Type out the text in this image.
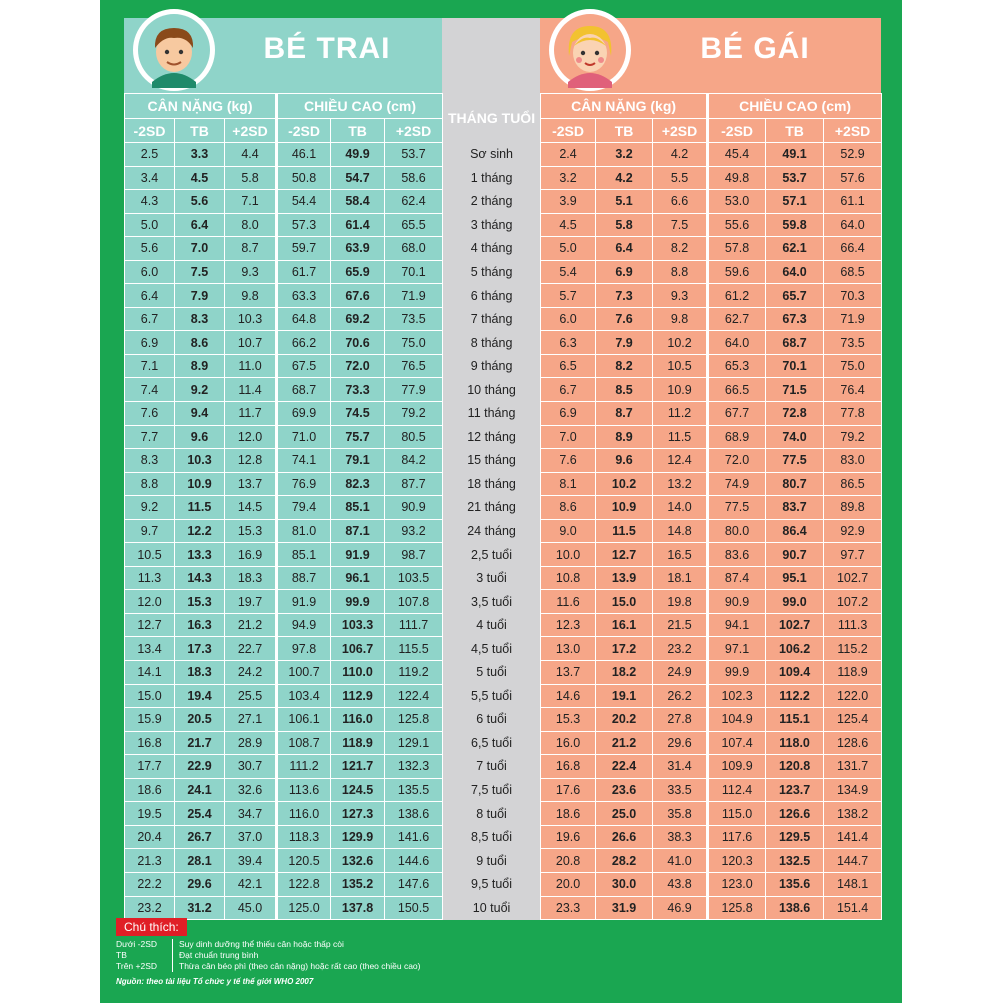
BÉ TRAI	BÉ GÁI
CÂN NẶNG (kg)			CHIỀU CAO (cm)			THÁNG TUỔI	CÂN NẶNG (kg)			CHIỀU CAO (cm)		
-2SD	TB	+2SD	-2SD	TB	+2SD		-2SD	TB	+2SD	-2SD	TB	+2SD
2.5	3.3	4.4	46.1	49.9	53.7	Sơ sinh	2.4	3.2	4.2	45.4	49.1	52.9
3.4	4.5	5.8	50.8	54.7	58.6	1 tháng	3.2	4.2	5.5	49.8	53.7	57.6
4.3	5.6	7.1	54.4	58.4	62.4	2 tháng	3.9	5.1	6.6	53.0	57.1	61.1
5.0	6.4	8.0	57.3	61.4	65.5	3 tháng	4.5	5.8	7.5	55.6	59.8	64.0
5.6	7.0	8.7	59.7	63.9	68.0	4 tháng	5.0	6.4	8.2	57.8	62.1	66.4
6.0	7.5	9.3	61.7	65.9	70.1	5 tháng	5.4	6.9	8.8	59.6	64.0	68.5
6.4	7.9	9.8	63.3	67.6	71.9	6 tháng	5.7	7.3	9.3	61.2	65.7	70.3
6.7	8.3	10.3	64.8	69.2	73.5	7 tháng	6.0	7.6	9.8	62.7	67.3	71.9
6.9	8.6	10.7	66.2	70.6	75.0	8 tháng	6.3	7.9	10.2	64.0	68.7	73.5
7.1	8.9	11.0	67.5	72.0	76.5	9 tháng	6.5	8.2	10.5	65.3	70.1	75.0
7.4	9.2	11.4	68.7	73.3	77.9	10 tháng	6.7	8.5	10.9	66.5	71.5	76.4
7.6	9.4	11.7	69.9	74.5	79.2	11 tháng	6.9	8.7	11.2	67.7	72.8	77.8
7.7	9.6	12.0	71.0	75.7	80.5	12 tháng	7.0	8.9	11.5	68.9	74.0	79.2
8.3	10.3	12.8	74.1	79.1	84.2	15 tháng	7.6	9.6	12.4	72.0	77.5	83.0
8.8	10.9	13.7	76.9	82.3	87.7	18 tháng	8.1	10.2	13.2	74.9	80.7	86.5
9.2	11.5	14.5	79.4	85.1	90.9	21 tháng	8.6	10.9	14.0	77.5	83.7	89.8
9.7	12.2	15.3	81.0	87.1	93.2	24 tháng	9.0	11.5	14.8	80.0	86.4	92.9
10.5	13.3	16.9	85.1	91.9	98.7	2,5 tuổi	10.0	12.7	16.5	83.6	90.7	97.7
11.3	14.3	18.3	88.7	96.1	103.5	3 tuổi	10.8	13.9	18.1	87.4	95.1	102.7
12.0	15.3	19.7	91.9	99.9	107.8	3,5 tuổi	11.6	15.0	19.8	90.9	99.0	107.2
12.7	16.3	21.2	94.9	103.3	111.7	4 tuổi	12.3	16.1	21.5	94.1	102.7	111.3
13.4	17.3	22.7	97.8	106.7	115.5	4,5 tuổi	13.0	17.2	23.2	97.1	106.2	115.2
14.1	18.3	24.2	100.7	110.0	119.2	5 tuổi	13.7	18.2	24.9	99.9	109.4	118.9
15.0	19.4	25.5	103.4	112.9	122.4	5,5 tuổi	14.6	19.1	26.2	102.3	112.2	122.0
15.9	20.5	27.1	106.1	116.0	125.8	6 tuổi	15.3	20.2	27.8	104.9	115.1	125.4
16.8	21.7	28.9	108.7	118.9	129.1	6,5 tuổi	16.0	21.2	29.6	107.4	118.0	128.6
17.7	22.9	30.7	111.2	121.7	132.3	7 tuổi	16.8	22.4	31.4	109.9	120.8	131.7
18.6	24.1	32.6	113.6	124.5	135.5	7,5 tuổi	17.6	23.6	33.5	112.4	123.7	134.9
19.5	25.4	34.7	116.0	127.3	138.6	8 tuổi	18.6	25.0	35.8	115.0	126.6	138.2
20.4	26.7	37.0	118.3	129.9	141.6	8,5 tuổi	19.6	26.6	38.3	117.6	129.5	141.4
21.3	28.1	39.4	120.5	132.6	144.6	9 tuổi	20.8	28.2	41.0	120.3	132.5	144.7
22.2	29.6	42.1	122.8	135.2	147.6	9,5 tuổi	20.0	30.0	43.8	123.0	135.6	148.1
23.2	31.2	45.0	125.0	137.8	150.5	10 tuổi	23.3	31.9	46.9	125.8	138.6	151.4
Chú thích:
Dưới -2SD	Suy dinh dưỡng thể thiếu cân hoặc thấp còi
TB	Đạt chuẩn trung bình
Trên +2SD	Thừa cân béo phì (theo cân nặng) hoặc rất cao (theo chiều cao)
Nguồn: theo tài liệu Tổ chức y tế thế giới WHO 2007
